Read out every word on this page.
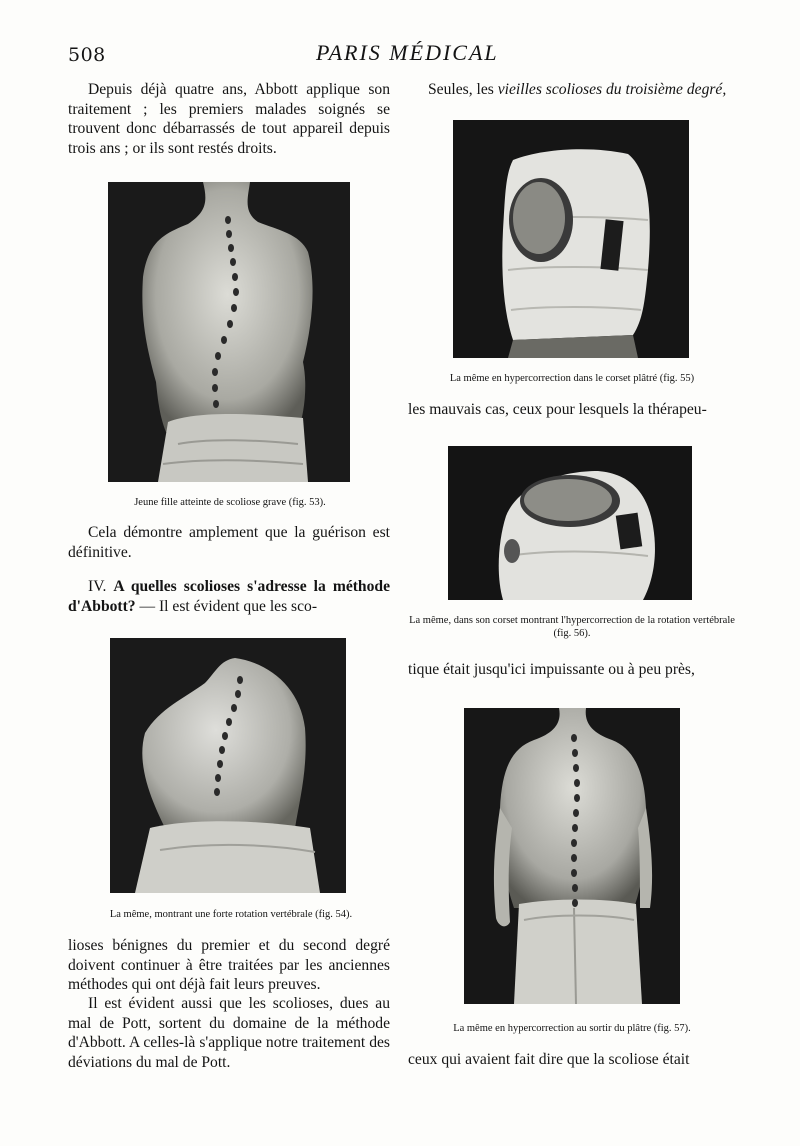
508	PARIS MÉDICAL
Depuis déjà quatre ans, Abbott applique son traitement ; les premiers malades soignés se trouvent donc débarrassés de tout appareil depuis trois ans ; or ils sont restés droits.
Jeune fille atteinte de scoliose grave (fig. 53).
Cela démontre amplement que la guérison est définitive.
IV. A quelles scolioses s'adresse la méthode d'Abbott? — Il est évident que les sco-
La même, montrant une forte rotation vertébrale (fig. 54).
lioses bénignes du premier et du second degré doivent continuer à être traitées par les anciennes méthodes qui ont déjà fait leurs preuves.
Il est évident aussi que les scolioses, dues au mal de Pott, sortent du domaine de la méthode d'Abbott. A celles-là s'applique notre traitement des déviations du mal de Pott.
Seules, les vieilles scolioses du troisième degré,
La même en hypercorrection dans le corset plâtré (fig. 55)
les mauvais cas, ceux pour lesquels la thérapeu-
La même, dans son corset montrant l'hypercorrection de la rotation vertébrale (fig. 56).
tique était jusqu'ici impuissante ou à peu près,
La même en hypercorrection au sortir du plâtre (fig. 57).
ceux qui avaient fait dire que la scoliose était
